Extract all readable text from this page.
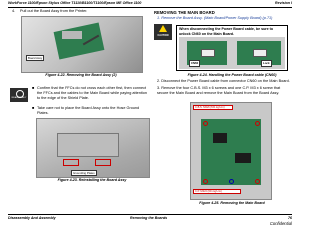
WorkForce 1100/Epson Stylus Office T1110/B1100/T1100/Epson ME Office 1100	Revision I
4. Pull out the Board Assy from the Printer.
Board Assy
Figure 4-22. Removing the Board Assy (2)
REASSEMBLY
■ Confirm that the FFCs do not cross each other first, then connect the FFCs and the cables to the Main Board while paying attention to the edge of the Shield Plate.
■ Take care not to place the Board Assy onto the Hose Ground Plates.
Grounding Plates
Figure 4-23. Reinstalling the Board Assy
REMOVING THE MAIN BOARD
1. Remove the Board Assy. (Main Board/Power Supply Board) (p.71)
CAUTION
When disconnecting the Power Board cable, be sure to unlock CN60 on the Main Board.
CN60	Lock
Figure 4-24. Handling the Power Board cable (CN60)
2. Disconnect the Power Board cable from connector CN60 on the Main Board.
3. Remove the four C.B.S. M3 x 6 screws and one C.P. M3 x 6 screw that secure the Main Board and remove the Main Board from the Board Assy.
C.B.S. M3x6 (6±1 kgf.cm)
C.P. M3x6 (6±1 kgf.cm)
Figure 4-25. Removing the Main Board
Disassembly And Assembly	Removing the Boards	76
Confidential
